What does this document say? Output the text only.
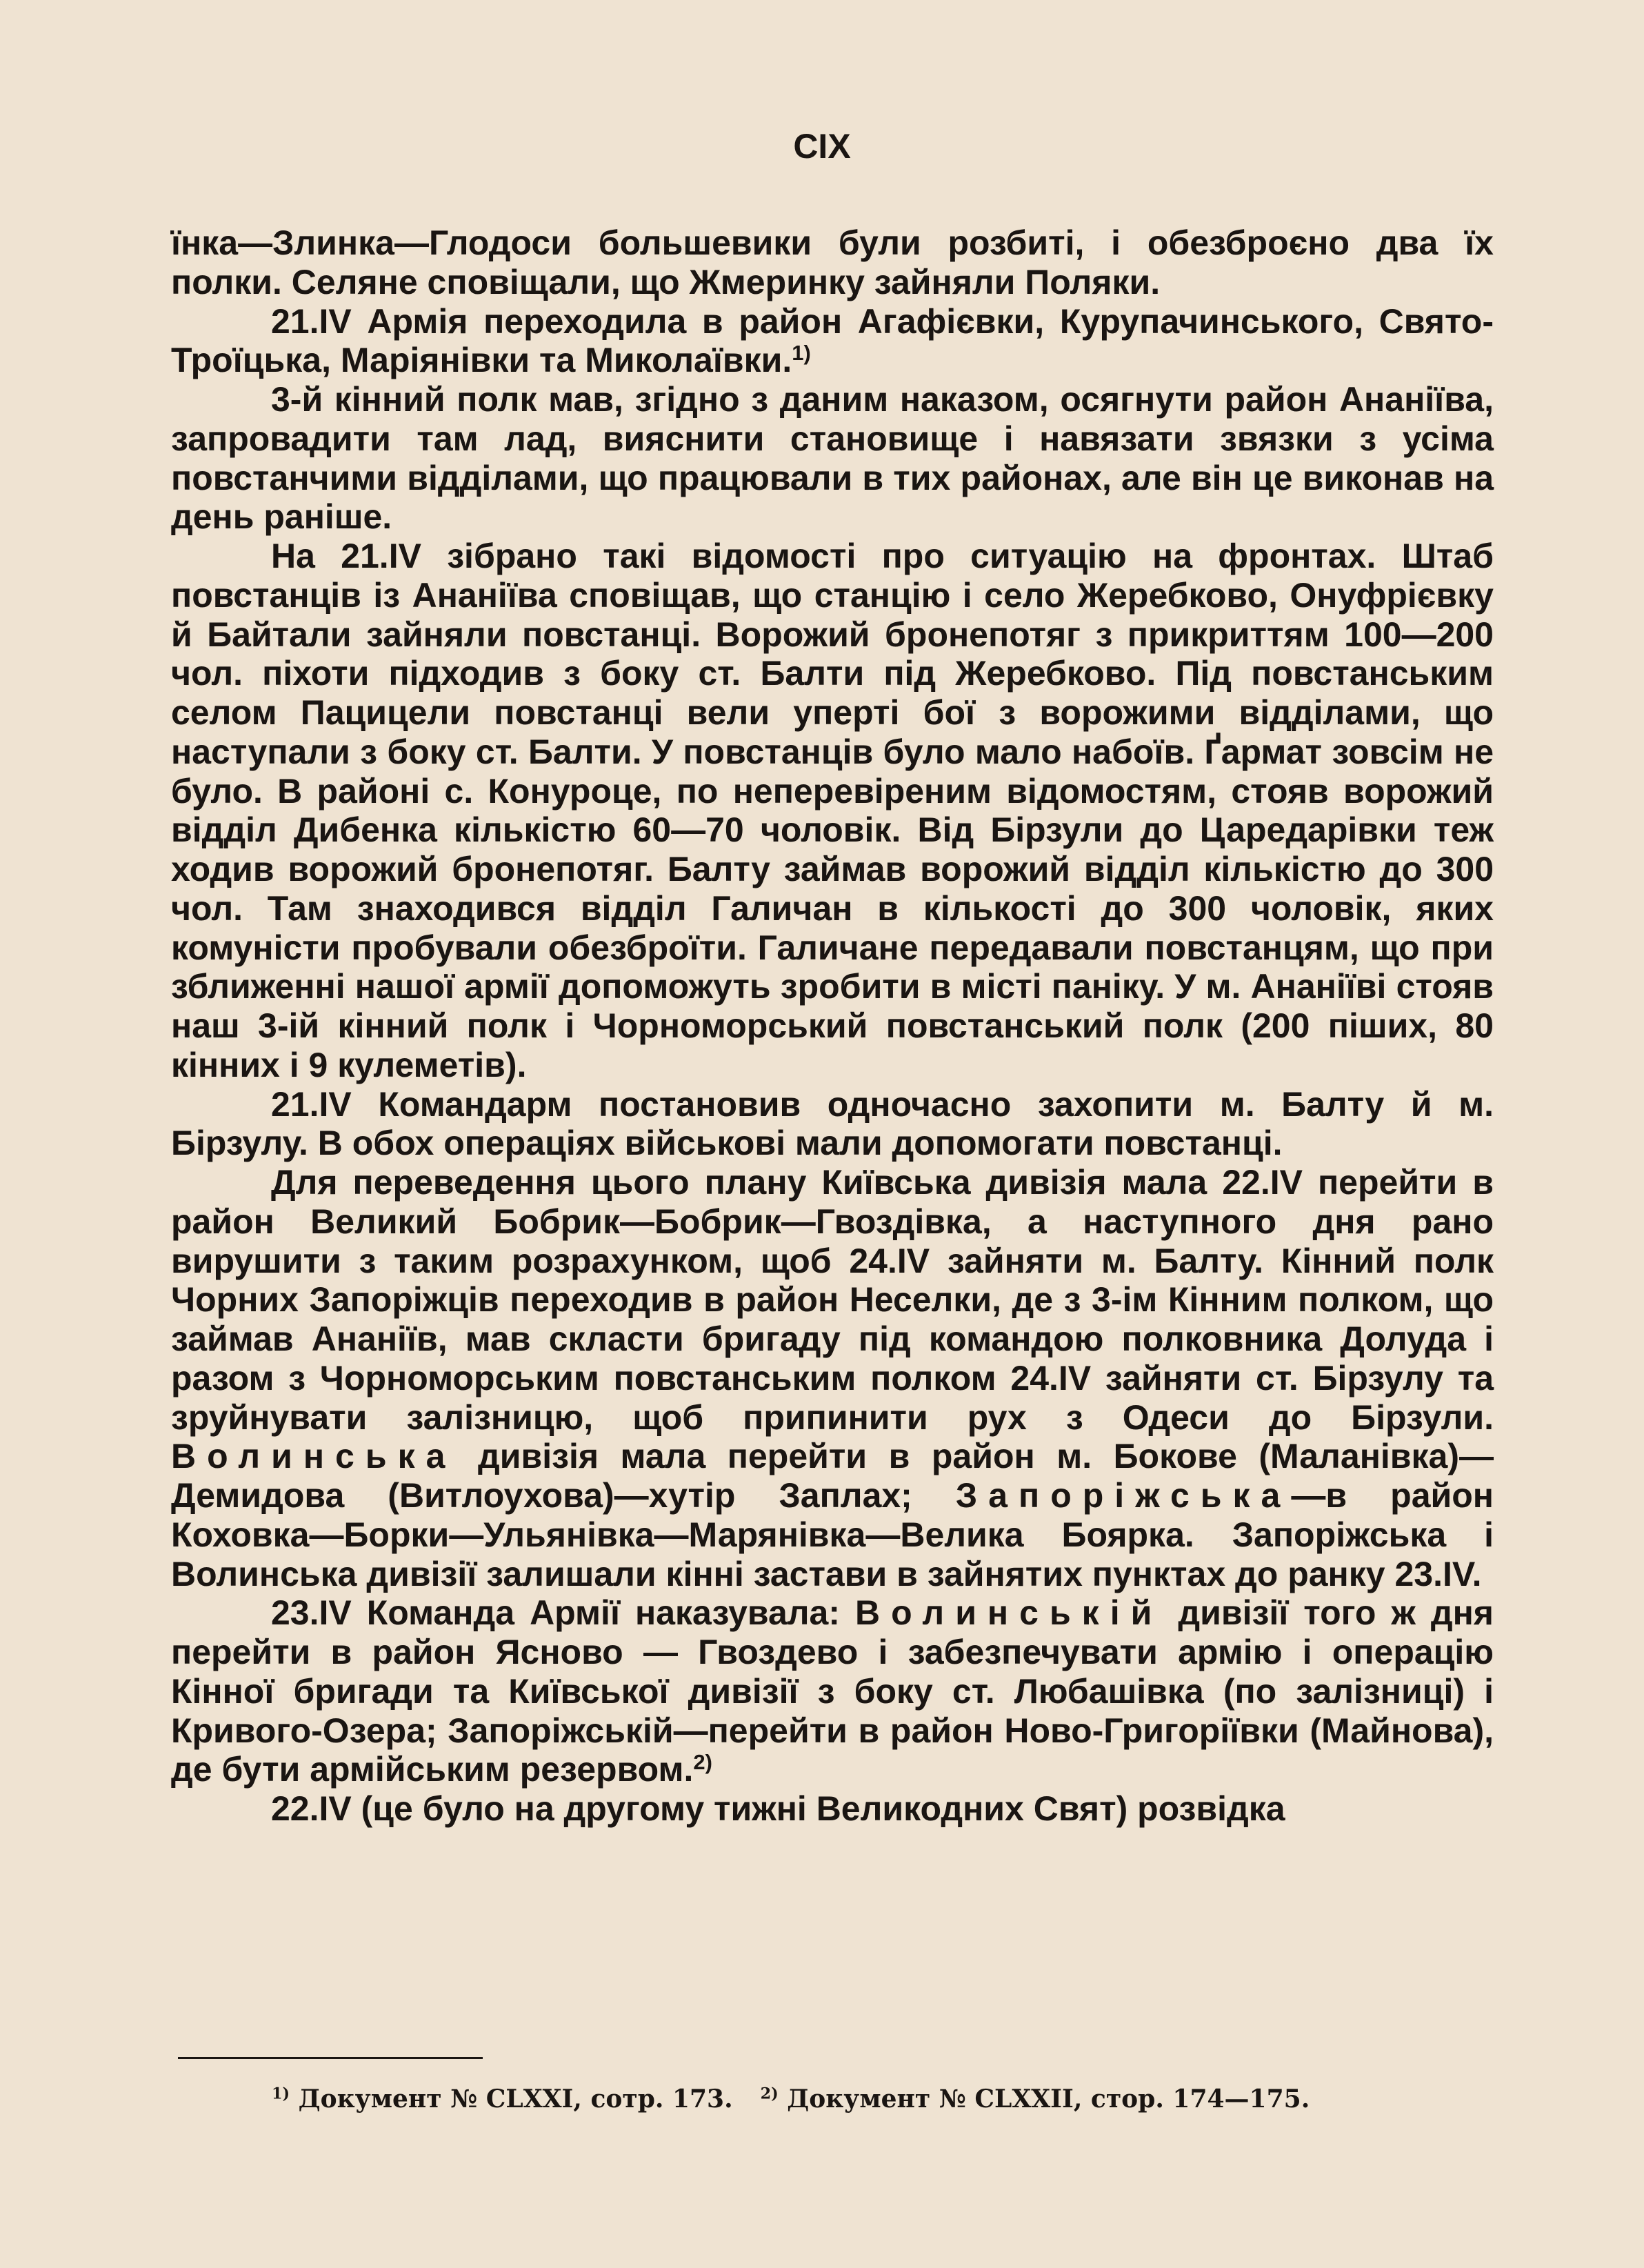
CIX

їнка—Злинка—Глодоси большевики були розбиті, і обезброєно два їх полки. Селяне сповіщали, що Жмеринку зайняли Поляки.

21.IV Армія переходила в район Агафієвки, Курупачинського, Свято-Троїцька, Маріянівки та Миколаївки.$^{1)}$

3-й кінний полк мав, згідно з даним наказом, осягнути район Ананіїва, запровадити там лад, вияснити становище і навязати звязки з усіма повстанчими відділами, що працювали в тих районах, але він це виконав на день раніше.

На 21.IV зібрано такі відомості про ситуацію на фронтах. Штаб повстанців із Ананіїва сповіщав, що станцію і село Жеребково, Онуфрієвку й Байтали зайняли повстанці. Ворожий бронепотяг з прикриттям 100—200 чол. піхоти підходив з боку ст. Балти під Жеребково. Під повстанським селом Пацицели повстанці вели уперті бої з ворожими відділами, що наступали з боку ст. Балти. У повстанців було мало набоїв. Ґармат зовсім не було. В районі с. Конуроце, по неперевіреним відомостям, стояв ворожий відділ Дибенка кількістю 60—70 чоловік. Від Бірзули до Царедарівки теж ходив ворожий бронепотяг. Балту займав ворожий відділ кількістю до 300 чол. Там знаходився відділ Галичан в кількості до 300 чоловік, яких комуністи пробували обезброїти. Галичане передавали повстанцям, що при зближенні нашої армії допоможуть зробити в місті паніку. У м. Ананіїві стояв наш 3-ій кінний полк і Чорноморський повстанський полк (200 піших, 80 кінних і 9 кулеметів).

21.IV Командарм постановив одночасно захопити м. Балту й м. Бірзулу. В обох операціях військові мали допомогати повстанці.

Для переведення цього плану Київська дивізія мала 22.IV перейти в район Великий Бобрик—Бобрик—Гвоздівка, а наступного дня рано вирушити з таким розрахунком, щоб 24.IV зайняти м. Балту. Кінний полк Чорних Запоріжців переходив в район Неселки, де з 3-ім Кінним полком, що займав Ананіїв, мав скласти бригаду під командою полковника Долуда і разом з Чорноморським повстанським полком 24.IV зайняти ст. Бірзулу та зруйнувати залізницю, щоб припинити рух з Одеси до Бірзули. Волинська дивізія мала перейти в район м. Бокове (Маланівка)—Демидова (Витлоухова)—хутір Заплах; Запоріжська—в район Коховка—Борки—Ульянівка—Марянівка—Велика Боярка. Запоріжська і Волинська дивізії залишали кінні застави в зайнятих пунктах до ранку 23.IV.

23.IV Команда Армії наказувала: Волинській дивізії того ж дня перейти в район Ясново — Гвоздево і забезпечувати армію і операцію Кінної бригади та Київської дивізії з боку ст. Любашівка (по залізниці) і Кривого-Озера; Запоріжській—перейти в район Ново-Григорiївки (Майнова), де бути армійським резервом.$^{2)}$

22.IV (це було на другому тижні Великодних Свят) розвідка

$^{1)}$ Документ № CLXXI, сотр. 173. $^{2)}$ Документ № CLXXII, стор. 174—175.
